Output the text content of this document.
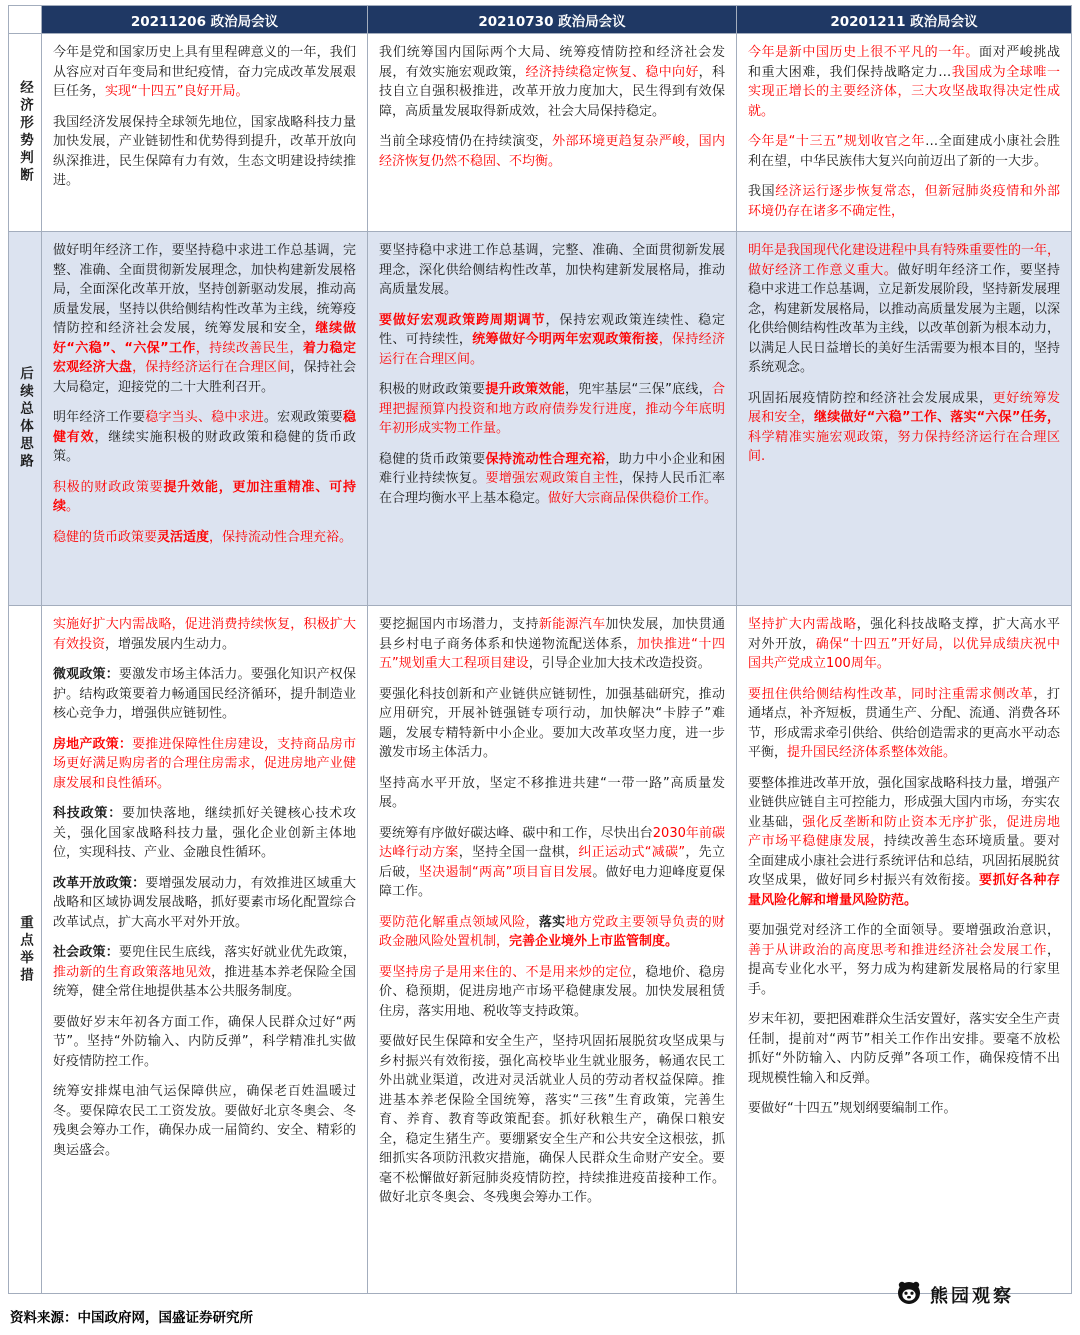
20211206 政治局会议	20210730 政治局会议	20201211 政治局会议
经济形势判断

今年是党和国家历史上具有里程碑意义的一年，我们从容应对百年变局和世纪疫情，奋力完成改革发展艰巨任务，实现“十四五”良好开局。

我国经济发展保持全球领先地位，国家战略科技力量加快发展，产业链韧性和优势得到提升，改革开放向纵深推进，民生保障有力有效，生态文明建设持续推进。

我们统筹国内国际两个大局、统筹疫情防控和经济社会发展，有效实施宏观政策，经济持续稳定恢复、稳中向好，科技自立自强积极推进，改革开放力度加大，民生得到有效保障，高质量发展取得新成效，社会大局保持稳定。

当前全球疫情仍在持续演变，外部环境更趋复杂严峻，国内经济恢复仍然不稳固、不均衡。

今年是新中国历史上很不平凡的一年。面对严峻挑战和重大困难，我们保持战略定力…我国成为全球唯一实现正增长的主要经济体，三大攻坚战取得决定性成就。

今年是“十三五”规划收官之年…全面建成小康社会胜利在望，中华民族伟大复兴向前迈出了新的一大步。

我国经济运行逐步恢复常态，但新冠肺炎疫情和外部环境仍存在诸多不确定性，

后续总体思路

做好明年经济工作，要坚持稳中求进工作总基调，完整、准确、全面贯彻新发展理念，加快构建新发展格局，全面深化改革开放，坚持创新驱动发展，推动高质量发展，坚持以供给侧结构性改革为主线，统筹疫情防控和经济社会发展，统筹发展和安全，继续做好“六稳”、“六保”工作，持续改善民生，着力稳定宏观经济大盘，保持经济运行在合理区间，保持社会大局稳定，迎接党的二十大胜利召开。

明年经济工作要稳字当头、稳中求进。宏观政策要稳健有效，继续实施积极的财政政策和稳健的货币政策。

积极的财政政策要提升效能，更加注重精准、可持续。

稳健的货币政策要灵活适度，保持流动性合理充裕。

要坚持稳中求进工作总基调，完整、准确、全面贯彻新发展理念，深化供给侧结构性改革，加快构建新发展格局，推动高质量发展。

要做好宏观政策跨周期调节，保持宏观政策连续性、稳定性、可持续性，统筹做好今明两年宏观政策衔接，保持经济运行在合理区间。

积极的财政政策要提升政策效能，兜牢基层“三保”底线，合理把握预算内投资和地方政府债券发行进度，推动今年底明年初形成实物工作量。

稳健的货币政策要保持流动性合理充裕，助力中小企业和困难行业持续恢复。要增强宏观政策自主性，保持人民币汇率在合理均衡水平上基本稳定。做好大宗商品保供稳价工作。

明年是我国现代化建设进程中具有特殊重要性的一年，做好经济工作意义重大。做好明年经济工作，要坚持稳中求进工作总基调，立足新发展阶段，坚持新发展理念，构建新发展格局，以推动高质量发展为主题，以深化供给侧结构性改革为主线，以改革创新为根本动力，以满足人民日益增长的美好生活需要为根本目的，坚持系统观念。

巩固拓展疫情防控和经济社会发展成果，更好统筹发展和安全，继续做好“六稳”工作、落实“六保”任务，科学精准实施宏观政策，努力保持经济运行在合理区间.

重点举措

实施好扩大内需战略，促进消费持续恢复，积极扩大有效投资，增强发展内生动力。

微观政策：要激发市场主体活力。要强化知识产权保护。结构政策要着力畅通国民经济循环，提升制造业核心竞争力，增强供应链韧性。

房地产政策：要推进保障性住房建设，支持商品房市场更好满足购房者的合理住房需求，促进房地产业健康发展和良性循环。

科技政策：要加快落地，继续抓好关键核心技术攻关，强化国家战略科技力量，强化企业创新主体地位，实现科技、产业、金融良性循环。

改革开放政策：要增强发展动力，有效推进区域重大战略和区域协调发展战略，抓好要素市场化配置综合改革试点，扩大高水平对外开放。

社会政策：要兜住民生底线，落实好就业优先政策，推动新的生育政策落地见效，推进基本养老保险全国统筹，健全常住地提供基本公共服务制度。

要做好岁末年初各方面工作，确保人民群众过好“两节”。坚持“外防输入、内防反弹”，科学精准扎实做好疫情防控工作。

统筹安排煤电油气运保障供应，确保老百姓温暖过冬。要保障农民工工资发放。要做好北京冬奥会、冬残奥会筹办工作，确保办成一届简约、安全、精彩的奥运盛会。

要挖掘国内市场潜力，支持新能源汽车加快发展，加快贯通县乡村电子商务体系和快递物流配送体系，加快推进“十四五”规划重大工程项目建设，引导企业加大技术改造投资。

要强化科技创新和产业链供应链韧性，加强基础研究，推动应用研究，开展补链强链专项行动，加快解决“卡脖子”难题，发展专精特新中小企业。要加大改革攻坚力度，进一步激发市场主体活力。

坚持高水平开放，坚定不移推进共建“一带一路”高质量发展。

要统筹有序做好碳达峰、碳中和工作，尽快出台2030年前碳达峰行动方案，坚持全国一盘棋，纠正运动式“减碳”，先立后破，坚决遏制“两高”项目盲目发展。做好电力迎峰度夏保障工作。

要防范化解重点领域风险，落实地方党政主要领导负责的财政金融风险处置机制，完善企业境外上市监管制度。

要坚持房子是用来住的、不是用来炒的定位，稳地价、稳房价、稳预期，促进房地产市场平稳健康发展。加快发展租赁住房，落实用地、税收等支持政策。

要做好民生保障和安全生产，坚持巩固拓展脱贫攻坚成果与乡村振兴有效衔接，强化高校毕业生就业服务，畅通农民工外出就业渠道，改进对灵活就业人员的劳动者权益保障。推进基本养老保险全国统筹，落实“三孩”生育政策，完善生育、养育、教育等政策配套。抓好秋粮生产，确保口粮安全，稳定生猪生产。要绷紧安全生产和公共安全这根弦，抓细抓实各项防汛救灾措施，确保人民群众生命财产安全。要毫不松懈做好新冠肺炎疫情防控，持续推进疫苗接种工作。做好北京冬奥会、冬残奥会筹办工作。

坚持扩大内需战略，强化科技战略支撑，扩大高水平对外开放，确保“十四五”开好局，以优异成绩庆祝中国共产党成立100周年。

要扭住供给侧结构性改革，同时注重需求侧改革，打通堵点，补齐短板，贯通生产、分配、流通、消费各环节，形成需求牵引供给、供给创造需求的更高水平动态平衡，提升国民经济体系整体效能。

要整体推进改革开放，强化国家战略科技力量，增强产业链供应链自主可控能力，形成强大国内市场，夯实农业基础，强化反垄断和防止资本无序扩张，促进房地产市场平稳健康发展，持续改善生态环境质量。要对全面建成小康社会进行系统评估和总结，巩固拓展脱贫攻坚成果，做好同乡村振兴有效衔接。要抓好各种存量风险化解和增量风险防范。

要加强党对经济工作的全面领导。要增强政治意识，善于从讲政治的高度思考和推进经济社会发展工作，提高专业化水平，努力成为构建新发展格局的行家里手。

岁末年初，要把困难群众生活安置好，落实安全生产责任制，提前对“两节”相关工作作出安排。要毫不放松抓好“外防输入、内防反弹”各项工作，确保疫情不出现规模性输入和反弹。

要做好“十四五”规划纲要编制工作。

资料来源：中国政府网，国盛证券研究所
熊园观察
